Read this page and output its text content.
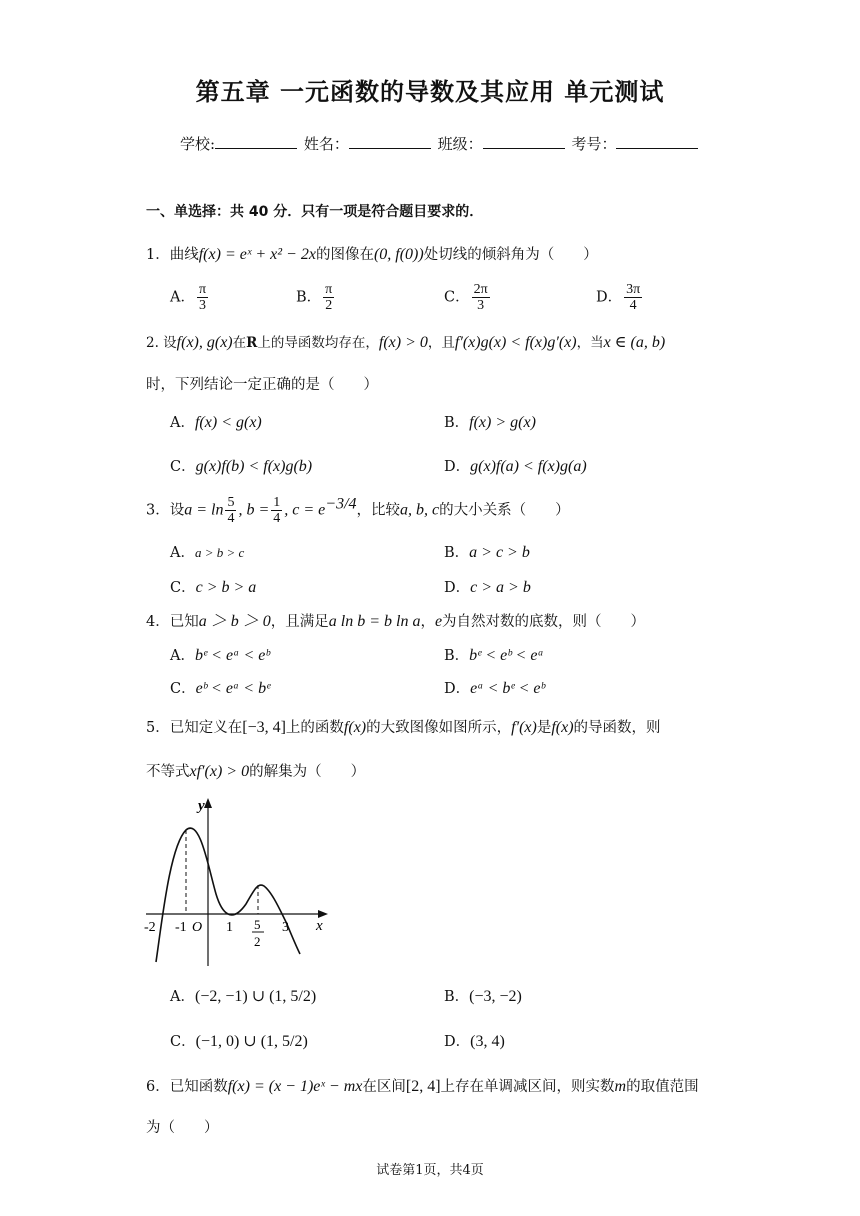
第五章 一元函数的导数及其应用 单元测试
学校:	姓名：	班级：	考号：
一、单选择：共 40 分．只有一项是符合题目要求的．
1．曲线f(x) = eˣ + x² − 2x的图像在(0, f(0))处切线的倾斜角为（　　）
A． $\frac{\pi}{3}$	B． $\frac{\pi}{2}$	C． $\frac{2\pi}{3}$	D． $\frac{3\pi}{4}$
2. 设f(x), g(x)在R上的导函数均存在，f(x) > 0，且f′(x)g(x) < f(x)g′(x)，当x ∈ (a, b)
时，下列结论一定正确的是（　　）
A．f(x) < g(x)	B．f(x) > g(x)
C．g(x)f(b) < f(x)g(b)	D．g(x)f(a) < f(x)g(a)
3．设$a = \ln \frac{5}{4}$ , $b = \frac{1}{4}$ , $c = e^{-3/4}$，比较a, b, c的大小关系（　　）
A．a > b > c	B．a > c > b
C．c > b > a	D．c > a > b
4．已知a ＞ b ＞ 0，且满足a ln b = b ln a，e为自然对数的底数，则（　　）
A．bᵉ < eᵃ < eᵇ	B．bᵉ < eᵇ < eᵃ
C．eᵇ < eᵃ < bᵉ	D．eᵃ < bᵉ < eᵇ
5．已知定义在[−3, 4]上的函数f(x)的大致图像如图所示，f′(x)是f(x)的导函数，则
不等式xf′(x) > 0的解集为（　　）
y
x
O
-2 -1	1 5
2
3
A．(−2, −1) ∪ (1, 5/2)	B．(−3, −2)
C．(−1, 0) ∪ (1, 5/2)	D．(3, 4)
6．已知函数f(x) = (x − 1)eˣ − mx在区间[2, 4]上存在单调减区间，则实数m的取值范围
为（　　）
试卷第1页，共4页
